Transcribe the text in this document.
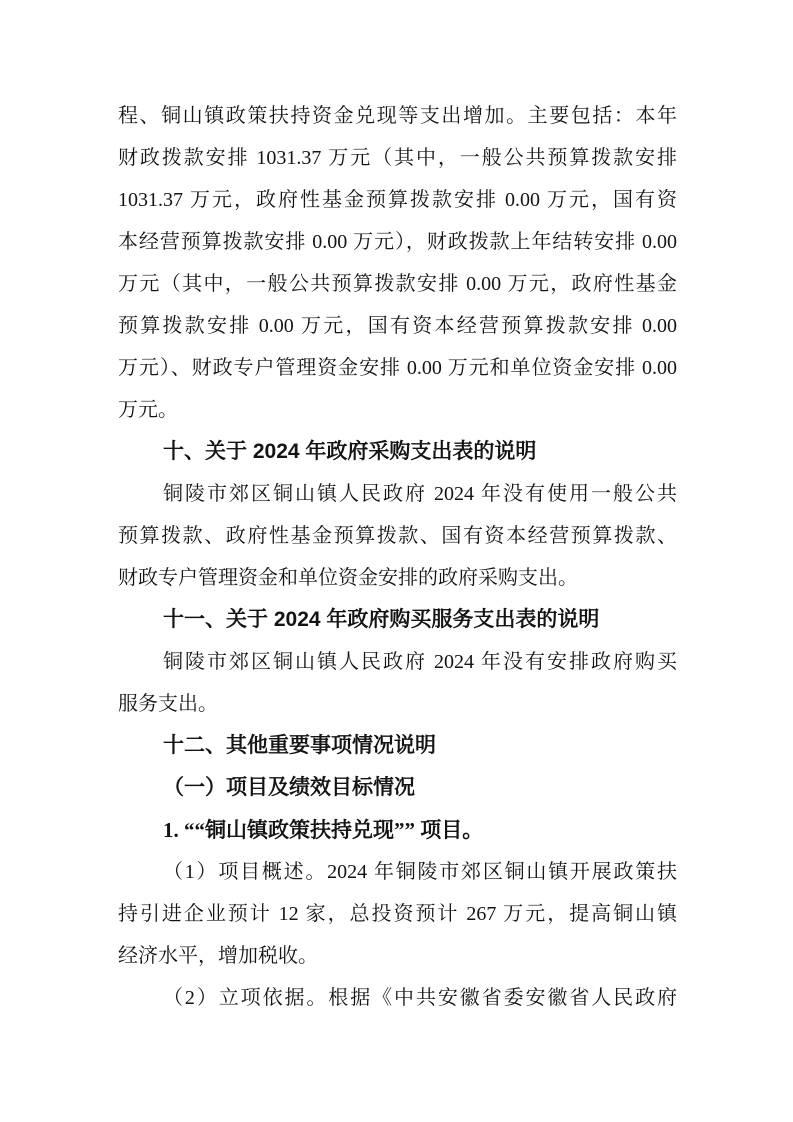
程、铜山镇政策扶持资金兑现等支出增加。主要包括：本年
财政拨款安排 1031.37 万元（其中，一般公共预算拨款安排
1031.37 万元，政府性基金预算拨款安排 0.00 万元，国有资
本经营预算拨款安排 0.00 万元），财政拨款上年结转安排 0.00
万元（其中，一般公共预算拨款安排 0.00 万元，政府性基金
预算拨款安排 0.00 万元，国有资本经营预算拨款安排 0.00
万元）、财政专户管理资金安排 0.00 万元和单位资金安排 0.00
万元。
十、关于 2024 年政府采购支出表的说明
铜陵市郊区铜山镇人民政府 2024 年没有使用一般公共
预算拨款、政府性基金预算拨款、国有资本经营预算拨款、
财政专户管理资金和单位资金安排的政府采购支出。
十一、关于 2024 年政府购买服务支出表的说明
铜陵市郊区铜山镇人民政府 2024 年没有安排政府购买
服务支出。
十二、其他重要事项情况说明
（一）项目及绩效目标情况
1. ““铜山镇政策扶持兑现”” 项目。
（1）项目概述。2024 年铜陵市郊区铜山镇开展政策扶
持引进企业预计 12 家，总投资预计 267 万元，提高铜山镇
经济水平，增加税收。
（2）立项依据。根据《中共安徽省委安徽省人民政府
